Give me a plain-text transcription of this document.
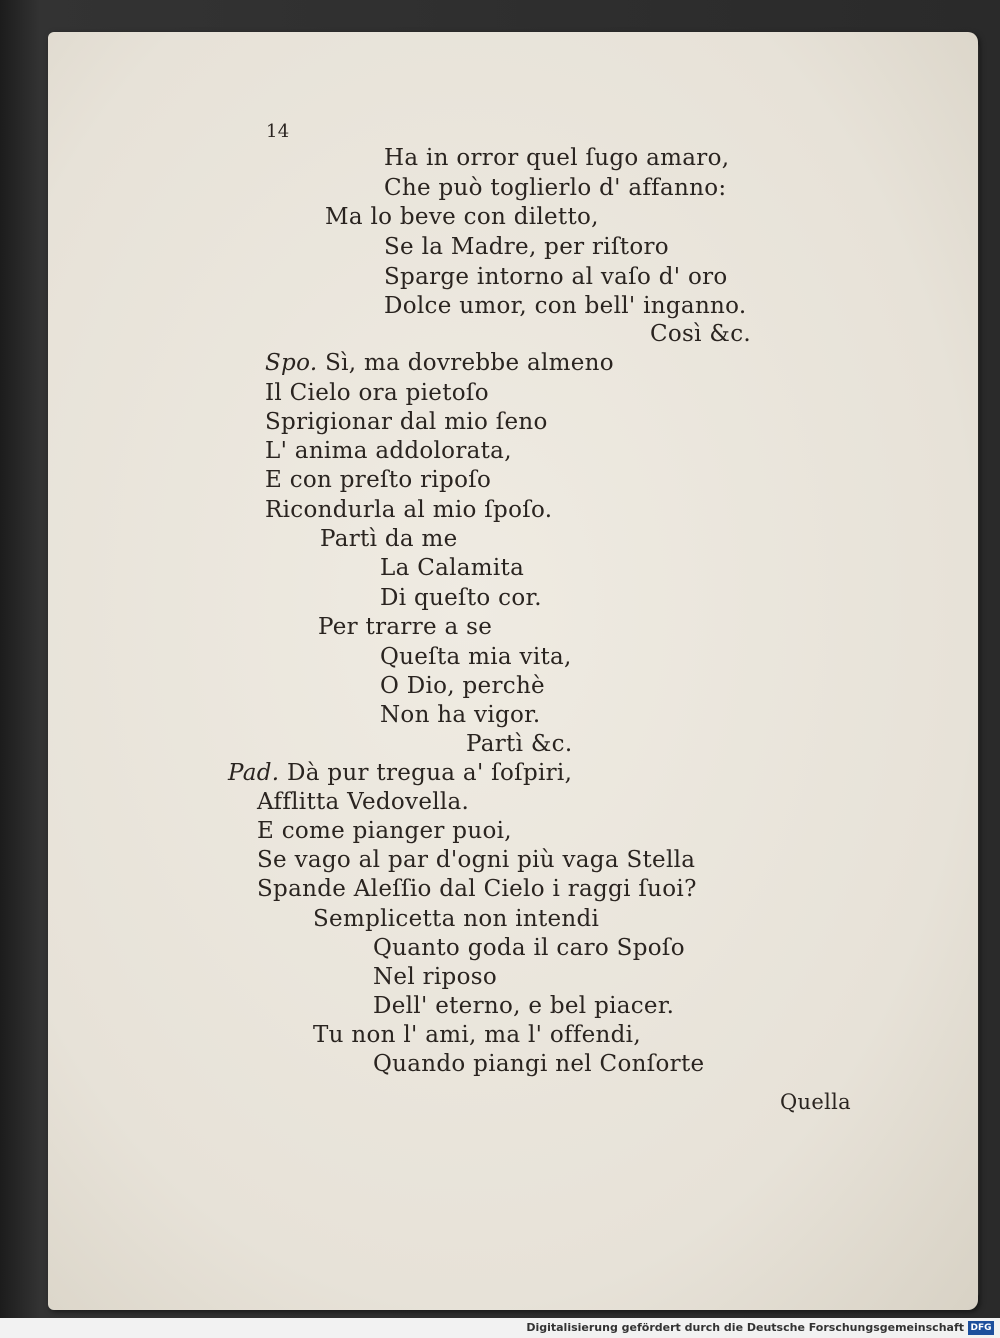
14
Ha in orror quel ſugo amaro,
Che può toglierlo d' affanno:
Ma lo beve con diletto,
Se la Madre, per riſtoro
Sparge intorno al vaſo d' oro
Dolce umor, con bell' inganno.
Così &c.
Spo. Sì, ma dovrebbe almeno
Il Cielo ora pietoſo
Sprigionar dal mio ſeno
L' anima addolorata,
E con preſto ripoſo
Ricondurla al mio ſpoſo.
Partì da me
La Calamita
Di queſto cor.
Per trarre a se
Queſta mia vita,
O Dio, perchè
Non ha vigor.
Partì &c.
Pad. Dà pur tregua a' ſoſpiri,
Afflitta Vedovella.
E come pianger puoi,
Se vago al par d'ogni più vaga Stella
Spande Aleſſio dal Cielo i raggi ſuoi?
Semplicetta non intendi
Quanto goda il caro Spoſo
Nel riposo
Dell' eterno, e bel piacer.
Tu non l' ami, ma l' offendi,
Quando piangi nel Conſorte
Quella
Digitalisierung gefördert durch die Deutsche Forschungsgemeinschaft DFG
